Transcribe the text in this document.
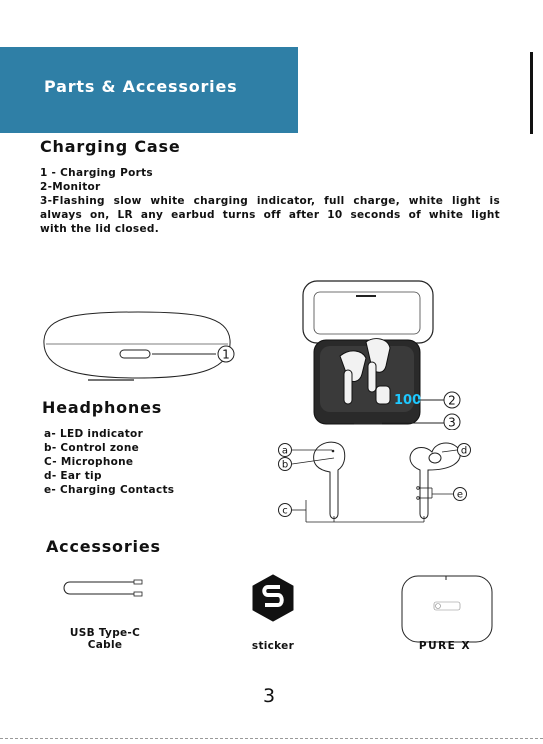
Parts & Accessories
Charging Case
1 - Charging Ports
2-Monitor
3-Flashing slow white charging indicator, full charge, white light is
always on, LR any earbud turns off after 10 seconds of white light
with the lid closed.
1
100 2
3
Headphones
a- LED indicator
b- Control zone
C- Microphone
d- Ear tip
e- Charging Contacts
a
b
c
d
e
Accessories
USB Type-C
Cable	sticker	PURE X
3
